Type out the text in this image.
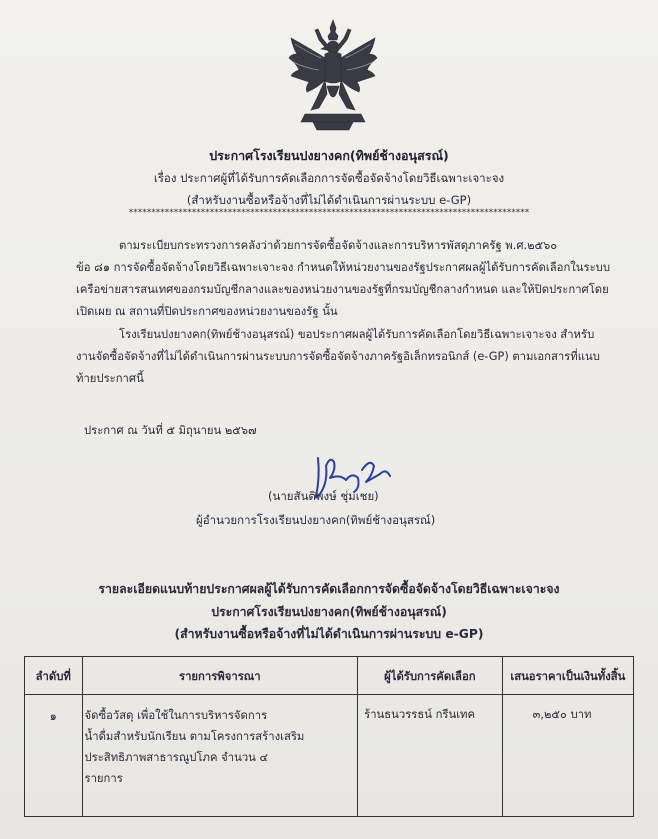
ประกาศโรงเรียนปงยางคก(ทิพย์ช้างอนุสรณ์)
เรื่อง ประกาศผู้ที่ได้รับการคัดเลือกการจัดซื้อจัดจ้างโดยวิธีเฉพาะเจาะจง
(สำหรับงานซื้อหรือจ้างที่ไม่ได้ดำเนินการผ่านระบบ e-GP)
*****************************************************************************************
ตามระเบียบกระทรวงการคลังว่าด้วยการจัดซื้อจัดจ้างและการบริหารพัสดุภาครัฐ พ.ศ.๒๕๖๐
ข้อ ๘๑ การจัดซื้อจัดจ้างโดยวิธีเฉพาะเจาะจง กำหนดให้หน่วยงานของรัฐประกาศผลผู้ได้รับการคัดเลือกในระบบ
เครือข่ายสารสนเทศของกรมบัญชีกลางและของหน่วยงานของรัฐที่กรมบัญชีกลางกำหนด และให้ปิดประกาศโดย
เปิดเผย ณ สถานที่ปิดประกาศของหน่วยงานของรัฐ นั้น
โรงเรียนปงยางคก(ทิพย์ช้างอนุสรณ์) ขอประกาศผลผู้ได้รับการคัดเลือกโดยวิธีเฉพาะเจาะจง สำหรับ
งานจัดซื้อจัดจ้างที่ไม่ได้ดำเนินการผ่านระบบการจัดซื้อจัดจ้างภาครัฐอิเล็กทรอนิกส์ (e-GP) ตามเอกสารที่แนบ
ท้ายประกาศนี้
ประกาศ ณ วันที่ ๕ มิถุนายน ๒๕๖๗
(นายสันติพงษ์ ชุ่มเชย)
ผู้อำนวยการโรงเรียนปงยางคก(ทิพย์ช้างอนุสรณ์)
รายละเอียดแนบท้ายประกาศผลผู้ได้รับการคัดเลือกการจัดซื้อจัดจ้างโดยวิธีเฉพาะเจาะจง
ประกาศโรงเรียนปงยางคก(ทิพย์ช้างอนุสรณ์)
(สำหรับงานซื้อหรือจ้างที่ไม่ได้ดำเนินการผ่านระบบ e-GP)
ลำดับที่	รายการพิจารณา	ผู้ได้รับการคัดเลือก	เสนอราคาเป็นเงินทั้งสิ้น
๑	จัดซื้อวัสดุ เพื่อใช้ในการบริหารจัดการ
น้ำดื่มสำหรับนักเรียน ตามโครงการสร้างเสริม
ประสิทธิภาพสาธารณูปโภค จำนวน ๔
รายการ	ร้านธนวรรธน์ กรีนเทค	๓,๒๕๐ บาท
